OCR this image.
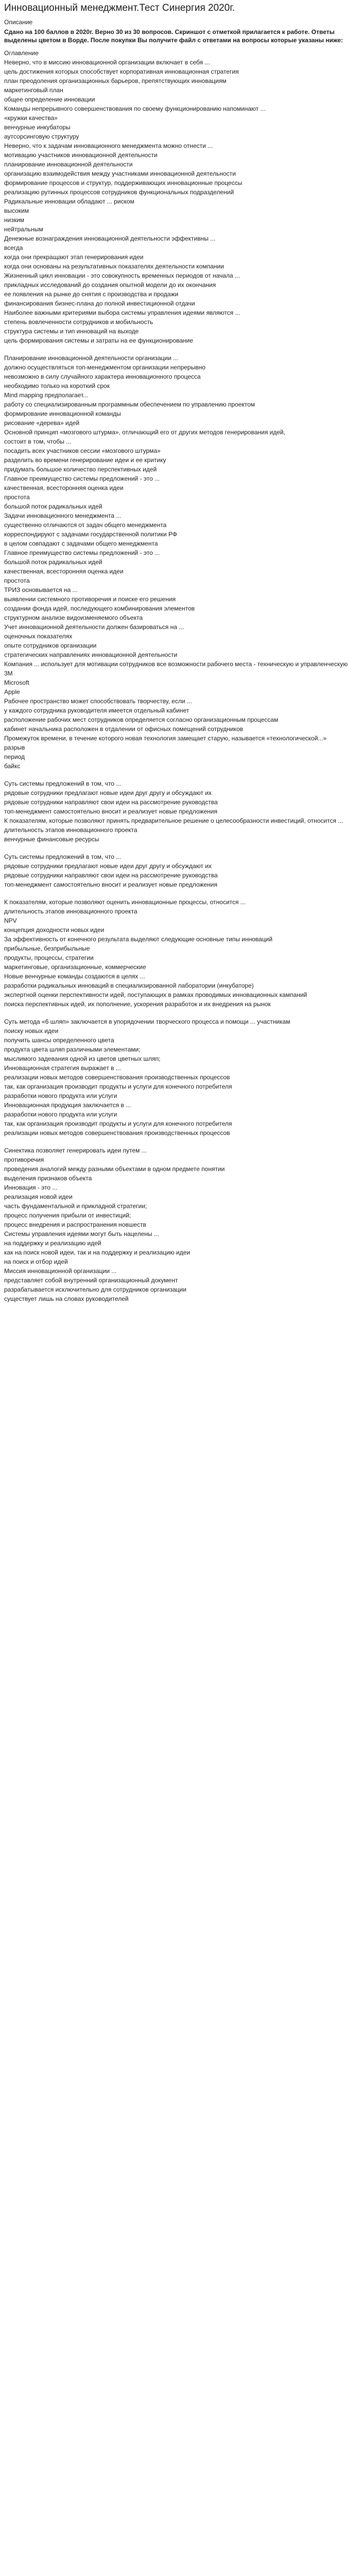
Инновационный менеджмент.Тест Синергия 2020г.
Описание
Сдано на 100 баллов в 2020г. Верно 30 из 30 вопросов. Скриншот с отметкой прилагается к работе. Ответы выделены цветом в Ворде. После покупки Вы получите файл с ответами на вопросы которые указаны ниже:
Оглавление
Неверно, что в миссию инновационной организации включает в себя ...
цель достижения которых способствует корпоративная инновационная стратегия
план преодоления организационных барьеров, препятствующих инновациям
маркетинговый план
общее определение инновации
Команды непрерывного совершенствования по своему функционированию напоминают ...
«кружки качества»
венчурные инкубаторы
аутсорсинговую структуру
Неверно, что к задачам инновационного менеджмента можно отнести ...
мотивацию участников инновационной деятельности
планирование инновационной деятельности
организацию взаимодействия между участниками инновационной деятельности
формирование процессов и структур, поддерживающих инновационные процессы
реализацию рутинных процессов сотрудников функциональных подразделений
Радикальные инновации обладают ... риском
высоким
низким
нейтральным
Денежные вознаграждения инновационной деятельности эффективны ...
всегда
когда они прекращают этап генерирования идеи
когда они основаны на результативных показателях деятельности компании
Жизненный цикл инновации - это совокупность временных периодов от начала ...
прикладных исследований до создания опытной модели до их окончания
ее появления на рынке до снятия с производства и продажи
финансирования бизнес-плана до полной инвестиционной отдачи
Наиболее важными критериями выбора системы управления идеями являются ...
степень вовлеченности сотрудников и мобильность
структура системы и тип инноваций на выходе
цель формирования системы и затраты на ее функционирование
Планирование инновационной деятельности организации ...
должно осуществляться топ-менеджментом организации непрерывно
невозможно в силу случайного характера инновационного процесса
необходимо только на короткий срок
Mind mapping предполагает...
работу со специализированным программным обеспечением по управлению проектом
формирование инновационной команды
рисование «дерева» идей
Основной принцип «мозгового штурма», отличающий его от других методов генерирования идей,
состоит в том, чтобы ...
посадить всех участников сессии «мозгового штурма»
разделить во времени генерирование идеи и ее критику
придумать большое количество перспективных идей
Главное преимущество системы предложений - это ...
качественная, всесторонняя оценка идеи
простота
большой поток радикальных идей
Задачи инновационного менеджмента ...
существенно отличаются от задач общего менеджмента
корреспондируют с задачами государственной политики РФ
в целом совпадают с задачами общего менеджмента
Главное преимущество системы предложений - это ...
большой поток радикальных идей
качественная, всесторонняя оценка идеи
простота
ТРИЗ основывается на ...
выявлении системного противоречия и поиске его решения
создании фонда идей, последующего комбинирования элементов
структурном анализе видоизменяемого объекта
Учет инновационной деятельности должен базироваться на ...
оценочных показателях
опыте сотрудников организации
стратегических направлениях инновационной деятельности
Компания ... использует для мотивации сотрудников все возможности рабочего места - техническую и управленческую
3M
Microsoft
Apple
Рабочее пространство может способствовать творчеству, если ...
у каждого сотрудника руководителя имеется отдельный кабинет
расположение рабочих мест сотрудников определяется согласно организационным процессам
кабинет начальника расположен в отдалении от офисных помещений сотрудников
Промежуток времени, в течение которого новая технология замещает старую, называется «технологической...»
разрыв
период
байкс
Суть системы предложений в том, что ...
рядовые сотрудники предлагают новые идеи друг другу и обсуждают их
рядовые сотрудники направляют свои идеи на рассмотрение руководства
топ-менеджмент самостоятельно вносит и реализует новые предложения
К показателям, которые позволяют принять предварительное решение о целесообразности инвестиций, относится ...
длительность этапов инновационного проекта
венчурные финансовые ресурсы
Суть системы предложений в том, что ...
рядовые сотрудники предлагают новые идеи друг другу и обсуждают их
рядовые сотрудники направляют свои идеи на рассмотрение руководства
топ-менеджмент самостоятельно вносит и реализует новые предложения
К показателям, которые позволяют оценить инновационные процессы, относится ...
длительность этапов инновационного проекта
NPV
концепция доходности новых идеи
За эффективность от конечного результата выделяют следующие основные типы инноваций
прибыльные, безприбыльные
продукты, процессы, стратегии
маркетинговые, организационные, коммерческие
Новые венчурные команды создаются в целях ...
разработки радикальных инноваций в специализированной лаборатории (инкубаторе)
экспертной оценки перспективности идей, поступающих в рамках проводимых инновационных кампаний
поиска перспективных идей, их пополнение, ускорения разработок и их внедрения на рынок
Суть метода «6 шляп» заключается в упорядочении творческого процесса и помощи ... участникам
поиску новых идеи
получить шансы определенного цвета
продукта цвета шляп различными элементами;
мыслимого задевания одной из цветов цветных шляп;
Инновационная стратегия выражает в ...
реализации новых методов совершенствования производственных процессов
так, как организация производит продукты и услуги для конечного потребителя
разработки нового продукта или услуги
Инновационная продукция заключается в ...
разработки нового продукта или услуги
так, как организация производит продукты и услуги для конечного потребителя
реализации новых методов совершенствования производственных процессов
Синектика позволяет генерировать идеи путем ...
противоречия
проведения аналогий между разными объектами в одном предмете понятии
выделения признаков объекта
Инновация - это ...
реализация новой идеи
часть фундаментальной и прикладной стратегии;
процесс получения прибыли от инвестиций;
процесс внедрения и распространения новшеств
Системы управления идеями могут быть нацелены ...
на поддержку и реализацию идей
как на поиск новой идеи, так и на поддержку и реализацию идеи
на поиск и отбор идей
Миссия инновационной организации ...
представляет собой внутренний организационный документ
разрабатывается исключительно для сотрудников организации
существует лишь на словах руководителей
